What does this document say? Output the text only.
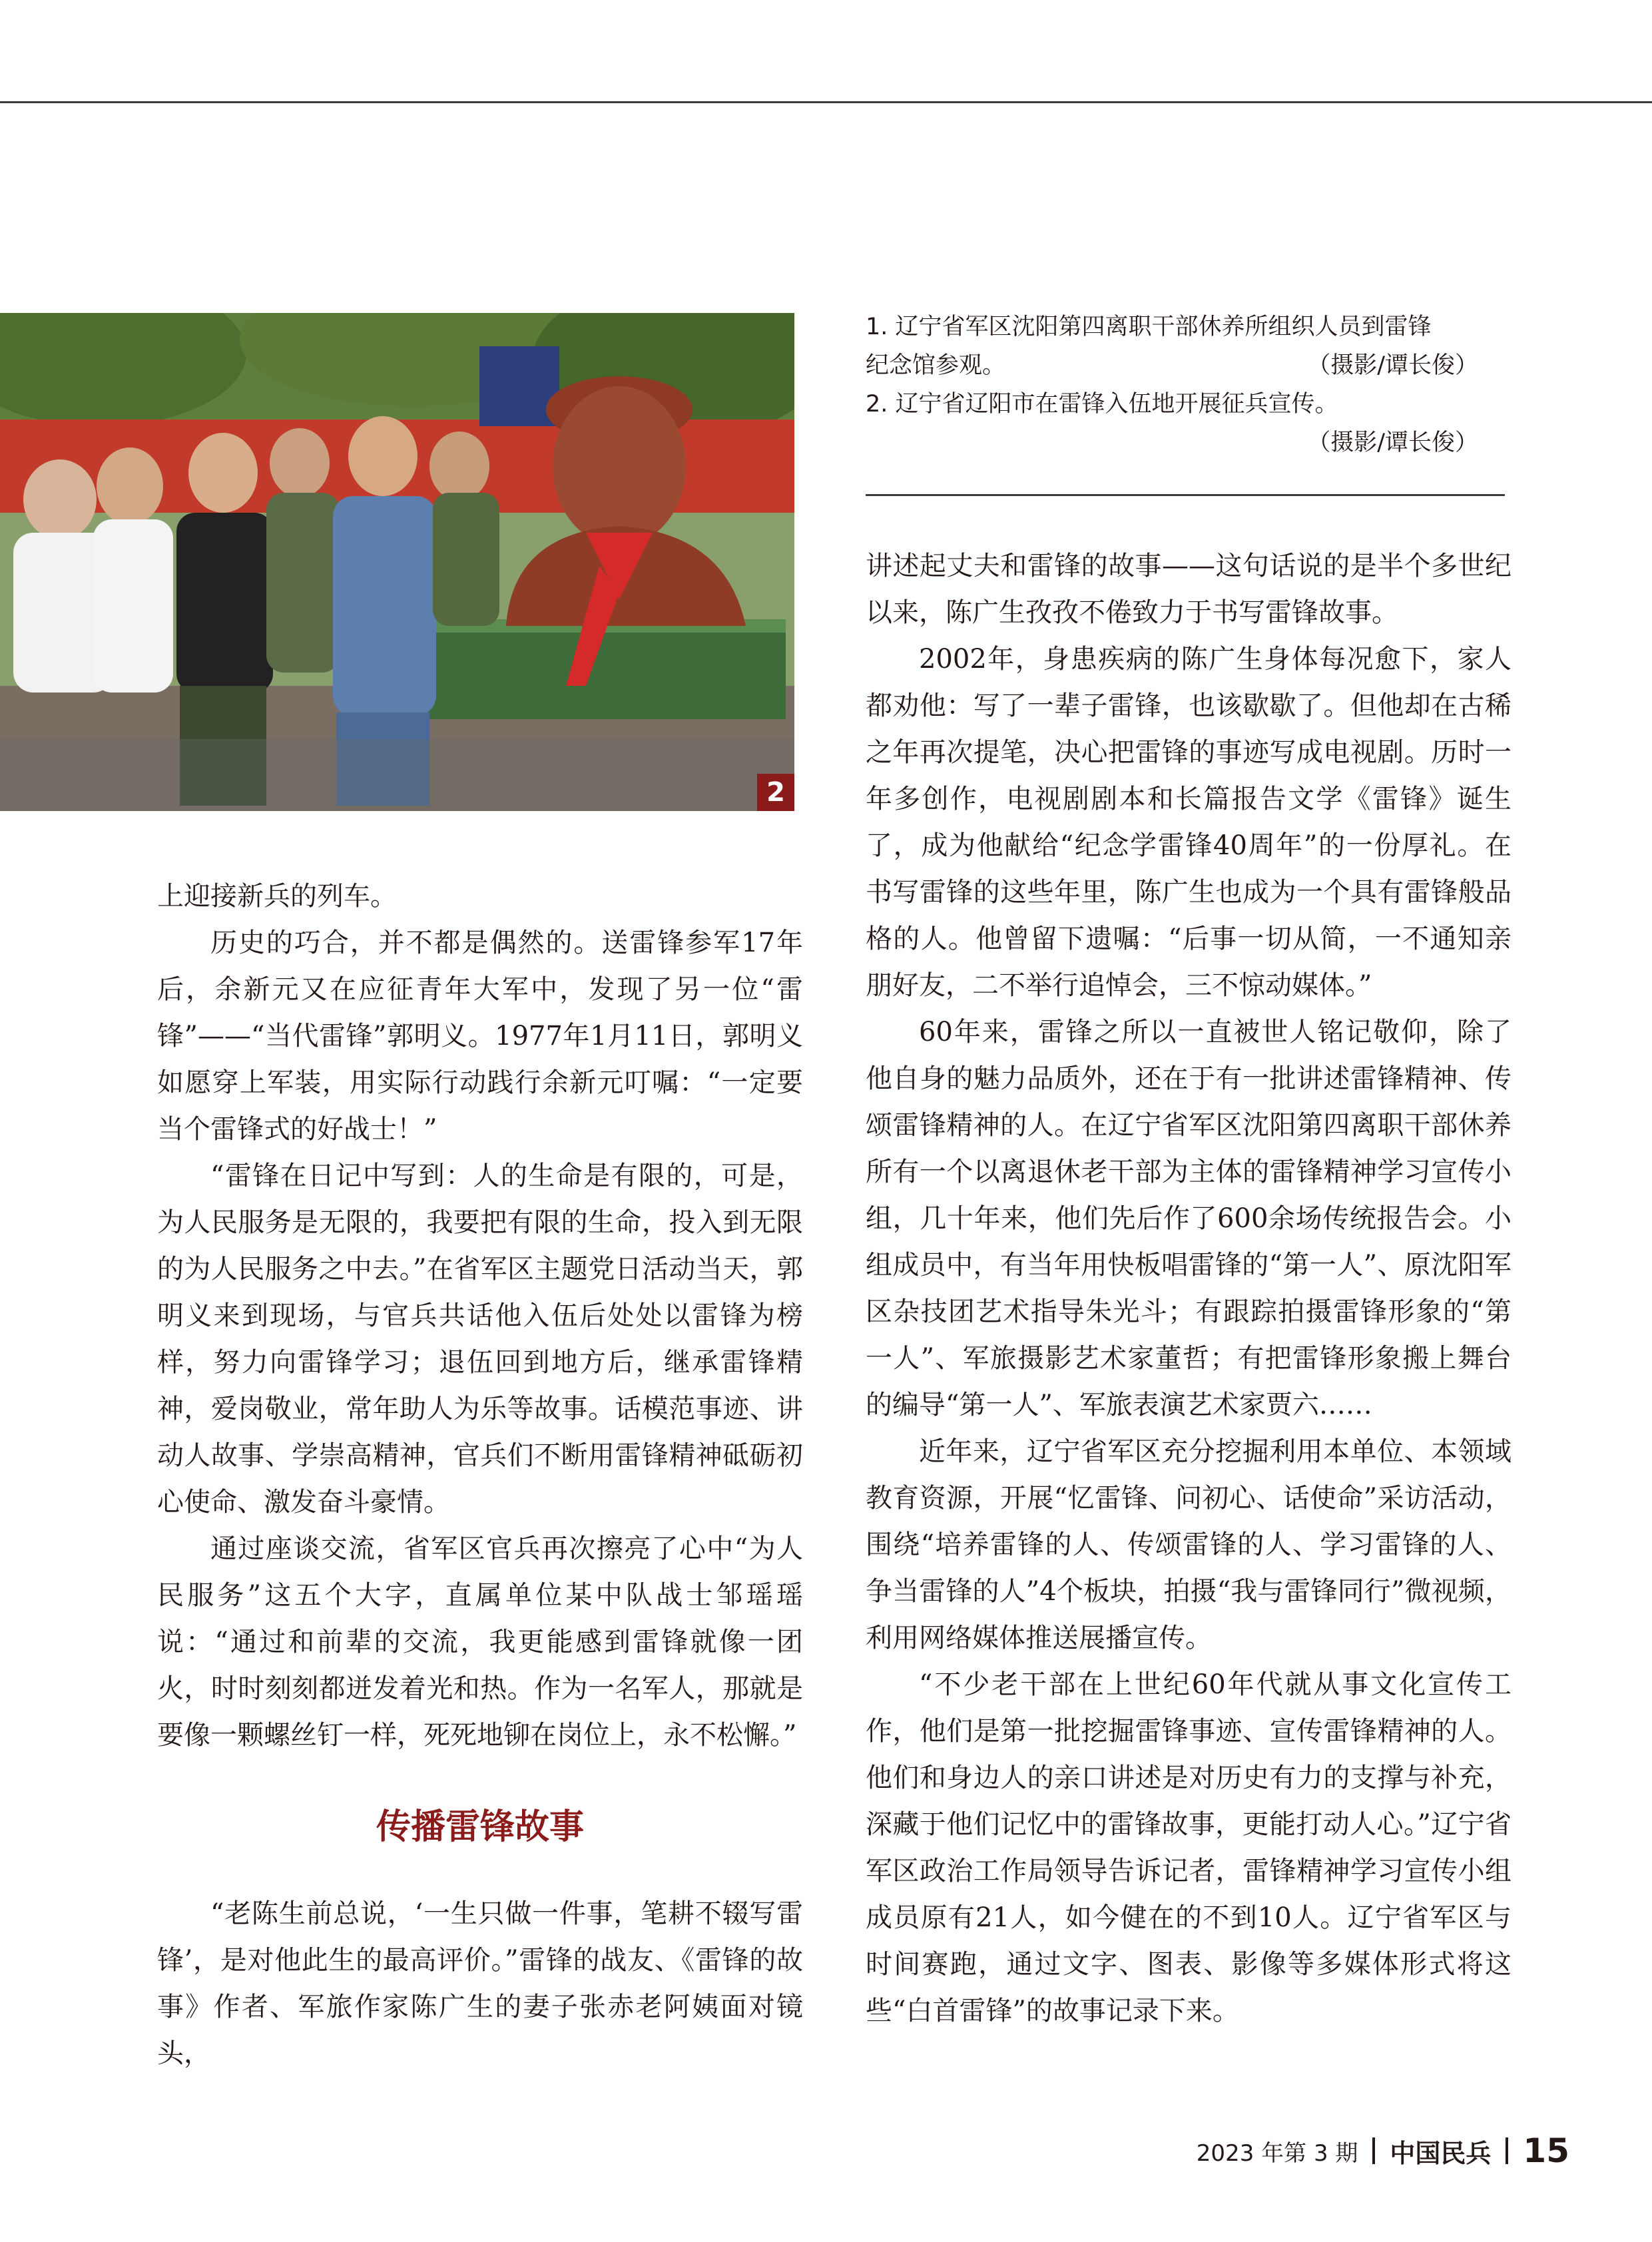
2
1. 辽宁省军区沈阳第四离职干部休养所组织人员到雷锋
纪念馆参观。	（摄影/谭长俊）
2. 辽宁省辽阳市在雷锋入伍地开展征兵宣传。
（摄影/谭长俊）

上迎接新兵的列车。

历史的巧合，并不都是偶然的。送雷锋参军17年后，余新元又在应征青年大军中，发现了另一位“雷锋”——“当代雷锋”郭明义。1977年1月11日，郭明义如愿穿上军装，用实际行动践行余新元叮嘱：“一定要当个雷锋式的好战士！”

“雷锋在日记中写到：人的生命是有限的，可是，为人民服务是无限的，我要把有限的生命，投入到无限的为人民服务之中去。”在省军区主题党日活动当天，郭明义来到现场，与官兵共话他入伍后处处以雷锋为榜样，努力向雷锋学习；退伍回到地方后，继承雷锋精神，爱岗敬业，常年助人为乐等故事。话模范事迹、讲动人故事、学崇高精神，官兵们不断用雷锋精神砥砺初心使命、激发奋斗豪情。

通过座谈交流，省军区官兵再次擦亮了心中“为人民服务”这五个大字，直属单位某中队战士邹瑶瑶说：“通过和前辈的交流，我更能感到雷锋就像一团火，时时刻刻都迸发着光和热。作为一名军人，那就是要像一颗螺丝钉一样，死死地铆在岗位上，永不松懈。”

传播雷锋故事

“老陈生前总说，‘一生只做一件事，笔耕不辍写雷锋’，是对他此生的最高评价。”雷锋的战友、《雷锋的故事》作者、军旅作家陈广生的妻子张赤老阿姨面对镜头，

讲述起丈夫和雷锋的故事——这句话说的是半个多世纪以来，陈广生孜孜不倦致力于书写雷锋故事。

2002年，身患疾病的陈广生身体每况愈下，家人都劝他：写了一辈子雷锋，也该歇歇了。但他却在古稀之年再次提笔，决心把雷锋的事迹写成电视剧。历时一年多创作，电视剧剧本和长篇报告文学《雷锋》诞生了，成为他献给“纪念学雷锋40周年”的一份厚礼。在书写雷锋的这些年里，陈广生也成为一个具有雷锋般品格的人。他曾留下遗嘱：“后事一切从简，一不通知亲朋好友，二不举行追悼会，三不惊动媒体。”

60年来，雷锋之所以一直被世人铭记敬仰，除了他自身的魅力品质外，还在于有一批讲述雷锋精神、传颂雷锋精神的人。在辽宁省军区沈阳第四离职干部休养所有一个以离退休老干部为主体的雷锋精神学习宣传小组，几十年来，他们先后作了600余场传统报告会。小组成员中，有当年用快板唱雷锋的“第一人”、原沈阳军区杂技团艺术指导朱光斗；有跟踪拍摄雷锋形象的“第一人”、军旅摄影艺术家董哲；有把雷锋形象搬上舞台的编导“第一人”、军旅表演艺术家贾六……

近年来，辽宁省军区充分挖掘利用本单位、本领域教育资源，开展“忆雷锋、问初心、话使命”采访活动，围绕“培养雷锋的人、传颂雷锋的人、学习雷锋的人、争当雷锋的人”4个板块，拍摄“我与雷锋同行”微视频，利用网络媒体推送展播宣传。

“不少老干部在上世纪60年代就从事文化宣传工作，他们是第一批挖掘雷锋事迹、宣传雷锋精神的人。他们和身边人的亲口讲述是对历史有力的支撑与补充，深藏于他们记忆中的雷锋故事，更能打动人心。”辽宁省军区政治工作局领导告诉记者，雷锋精神学习宣传小组成员原有21人，如今健在的不到10人。辽宁省军区与时间赛跑，通过文字、图表、影像等多媒体形式将这些“白首雷锋”的故事记录下来。

2023 年第 3 期 中国民兵 15
